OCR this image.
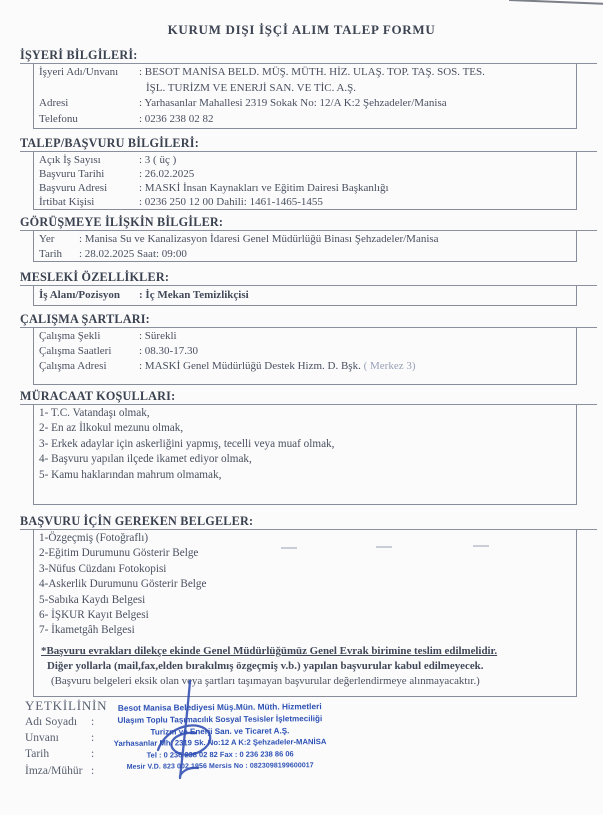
KURUM DIŞI İŞÇİ ALIM TALEP FORMU
İŞYERİ BİLGİLERİ:
İşyeri Adı/Unvanı	: BESOT MANİSA BELD. MÜŞ. MÜTH. HİZ. ULAŞ. TOP. TAŞ. SOS. TES.
İŞL. TURİZM VE ENERJİ SAN. VE TİC. A.Ş.
Adresi	: Yarhasanlar Mahallesi 2319 Sokak No: 12/A K:2 Şehzadeler/Manisa
Telefonu	: 0236 238 02 82
TALEP/BAŞVURU BİLGİLERİ:
Açık İş Sayısı	: 3 ( üç )
Başvuru Tarihi	: 26.02.2025
Başvuru Adresi	: MASKİ İnsan Kaynakları ve Eğitim Dairesi Başkanlığı
İrtibat Kişisi	: 0236 250 12 00 Dahili: 1461-1465-1455
GÖRÜŞMEYE İLİŞKİN BİLGİLER:
Yer	: Manisa Su ve Kanalizasyon İdaresi Genel Müdürlüğü Binası Şehzadeler/Manisa
Tarih	: 28.02.2025 Saat: 09:00
MESLEKİ ÖZELLİKLER:
İş Alanı/Pozisyon	: İç Mekan Temizlikçisi
ÇALIŞMA ŞARTLARI:
Çalışma Şekli	: Sürekli
Çalışma Saatleri	: 08.30-17.30
Çalışma Adresi	: MASKİ Genel Müdürlüğü Destek Hizm. D. Bşk. ( Merkez 3)
MÜRACAAT KOŞULLARI:
1- T.C. Vatandaşı olmak,
2- En az İlkokul mezunu olmak,
3- Erkek adaylar için askerliğini yapmış, tecelli veya muaf olmak,
4- Başvuru yapılan ilçede ikamet ediyor olmak,
5- Kamu haklarından mahrum olmamak,
BAŞVURU İÇİN GEREKEN BELGELER:
1-Özgeçmiş (Fotoğraflı)
2-Eğitim Durumunu Gösterir Belge
3-Nüfus Cüzdanı Fotokopisi
4-Askerlik Durumunu Gösterir Belge
5-Sabıka Kaydı Belgesi
6- İŞKUR Kayıt Belgesi
7- İkametgâh Belgesi
*Başvuru evrakları dilekçe ekinde Genel Müdürlüğümüz Genel Evrak birimine teslim edilmelidir.
Diğer yollarla (mail,fax,elden bırakılmış özgeçmiş v.b.) yapılan başvurular kabul edilmeyecek.
(Başvuru belgeleri eksik olan veya şartları taşımayan başvurular değerlendirmeye alınmayacaktır.)
YETKİLİNİN
Adı Soyadı	:
Unvanı	:
Tarih	:
İmza/Mühür :
Besot Manisa Belediyesi Müş.Mün. Müth. Hizmetleri
Ulaşım Toplu Taşımacılık Sosyal Tesisler İşletmeciliği
Turizm ve Enerji San. ve Ticaret A.Ş.
Yarhasanlar Mh. 2319 Sk. No:12 A K:2 Şehzadeler-MANİSA
Tel : 0 236 238 02 82 Fax : 0 236 238 86 06
Mesir V.D. 823 002 1956 Mersis No : 0823098199600017
